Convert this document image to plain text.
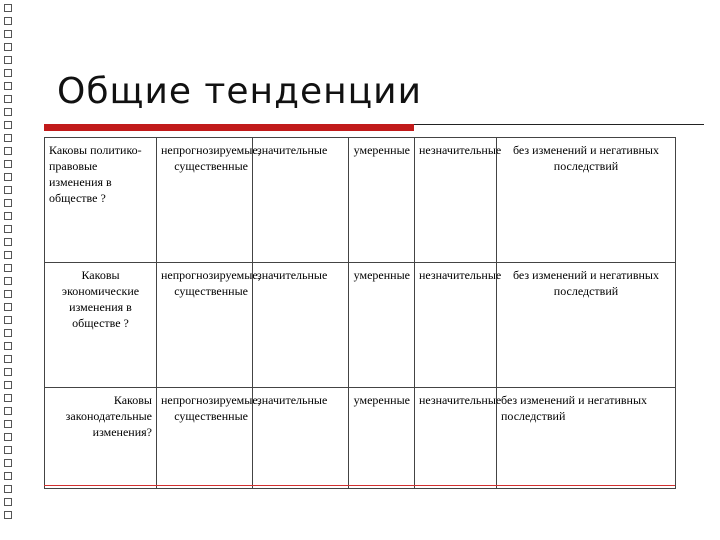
Общие тенденции
Каковы политико-правовые изменения в обществе ?	непрогнозируемые, существенные	значительные	умеренные	незначительные	без изменений и негативных последствий
Каковы экономические изменения в обществе ?	непрогнозируемые, существенные	значительные	умеренные	незначительные	без изменений и негативных последствий
Каковы законодательные изменения?	непрогнозируемые, существенные	значительные	умеренные	незначительные	без изменений и негативных последствий
